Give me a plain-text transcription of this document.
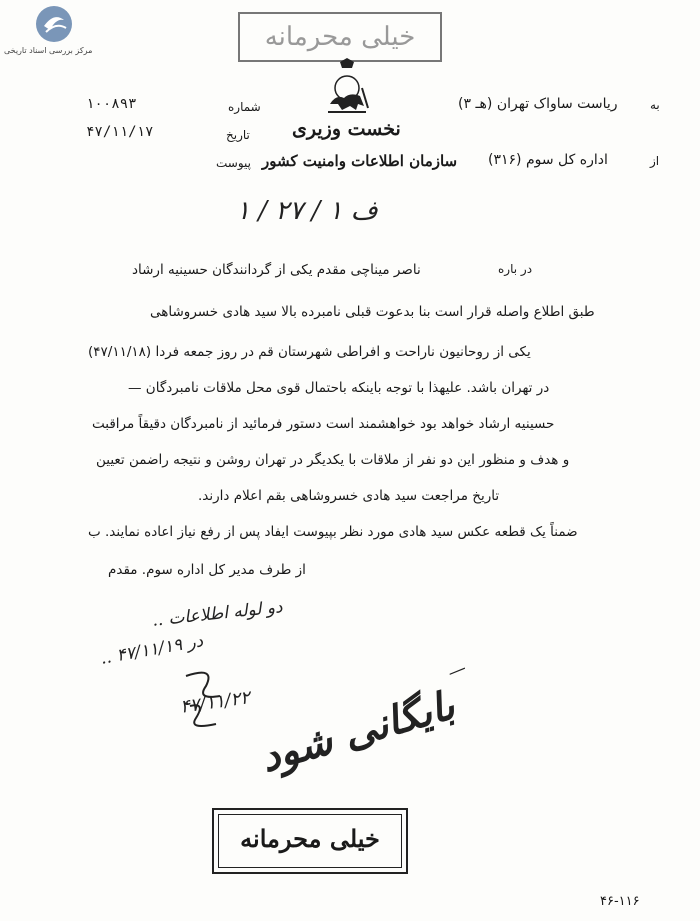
مرکز بررسی اسناد تاریخی	خیلی محرمانه
نخست وزیری
سازمان اطلاعات وامنیت کشور
شماره
۱۰۰۸۹۳
تاریخ
۴۷/۱۱/۱۷
پیوست
به
ریاست ساواک تهران (هـ ۳)
از
اداره کل سوم (۳۱۶)
۱ / ف ۱ / ۲۷
در باره
ناصر میناچی مقدم یکی از گردانندگان حسینیه ارشاد
طبق اطلاع واصله قرار است بنا بدعوت قبلی نامبرده بالا سید هادی خسروشاهی
یکی از روحانیون ناراحت و افراطی شهرستان قم در روز جمعه فردا (۴۷/۱۱/۱۸)
در تهران باشد. علیهذا با توجه باینکه باحتمال قوی محل ملاقات نامبردگان —
حسینیه ارشاد خواهد بود خواهشمند است دستور فرمائید از نامبردگان دقیقاً مراقبت
و هدف و منظور این دو نفر از ملاقات با یکدیگر در تهران روشن و نتیجه راضمن تعیین
تاریخ مراجعت سید هادی خسروشاهی بقم اعلام دارند.
ضمناً یک قطعه عکس سید هادی مورد نظر بپیوست ایفاد پس از رفع نیاز اعاده نمایند. ب
از طرف مدیر کل اداره سوم. مقدم
دو لوله اطلاعات ..
در ۴۷/۱۱/۱۹ ..
۴۷/۱۱/۲۲
—
بایگانی شود
خیلی محرمانه
۴۶-۱۱۶
